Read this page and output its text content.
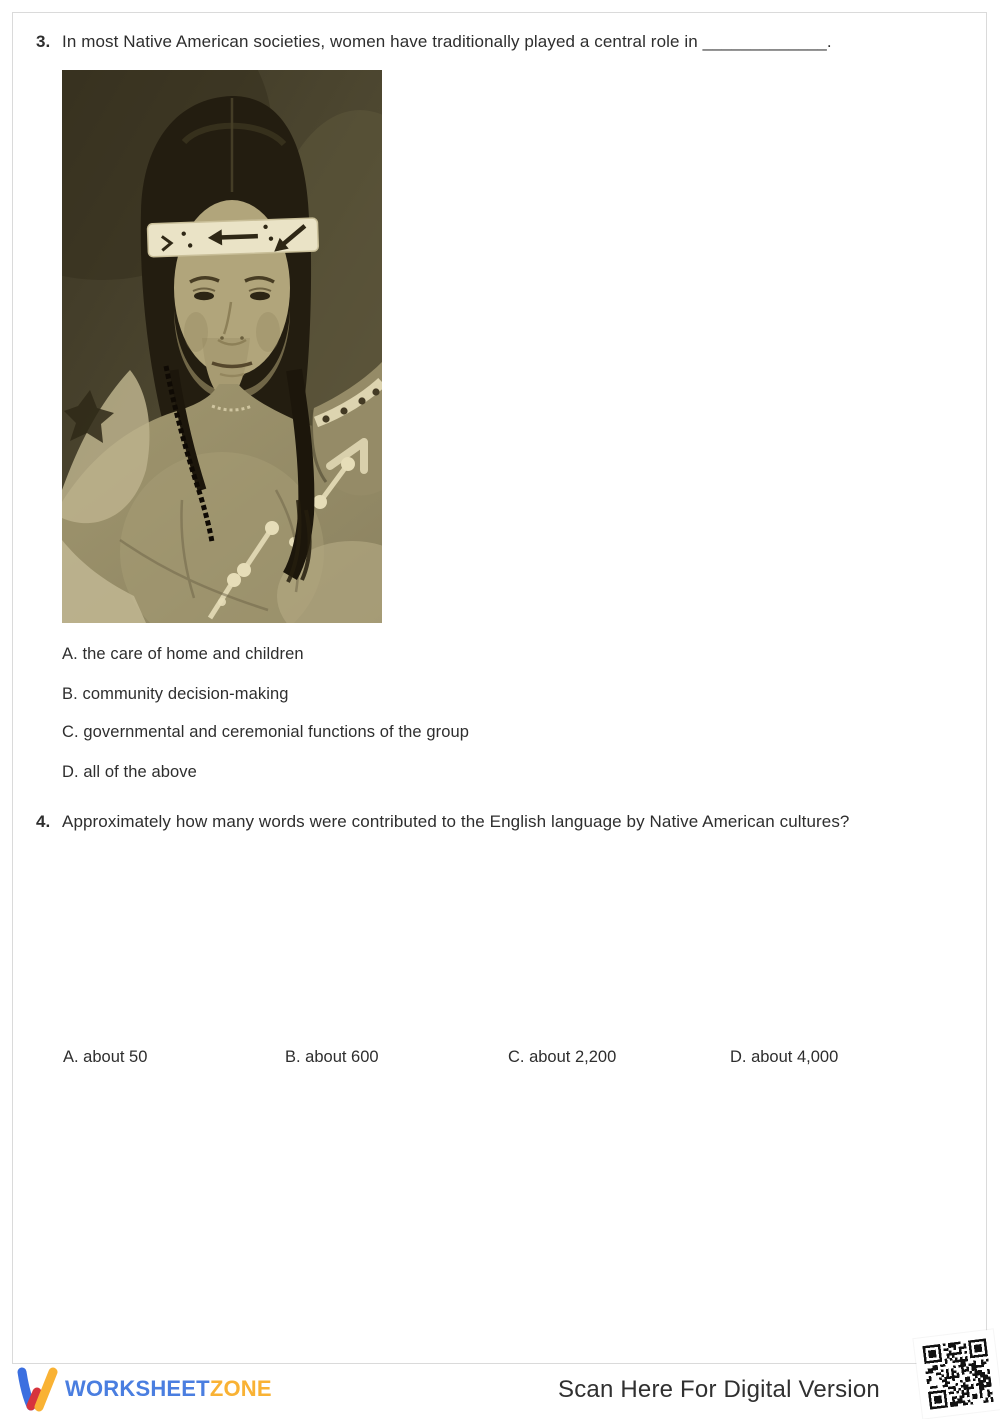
3. In most Native American societies, women have traditionally played a central role in _____________.
A. the care of home and children
B. community decision-making
C. governmental and ceremonial functions of the group
D. all of the above
4. Approximately how many words were contributed to the English language by Native American cultures?
A. about 50	B. about 600	C. about 2,200	D. about 4,000
WORKSHEETZONE	Scan Here For Digital Version
